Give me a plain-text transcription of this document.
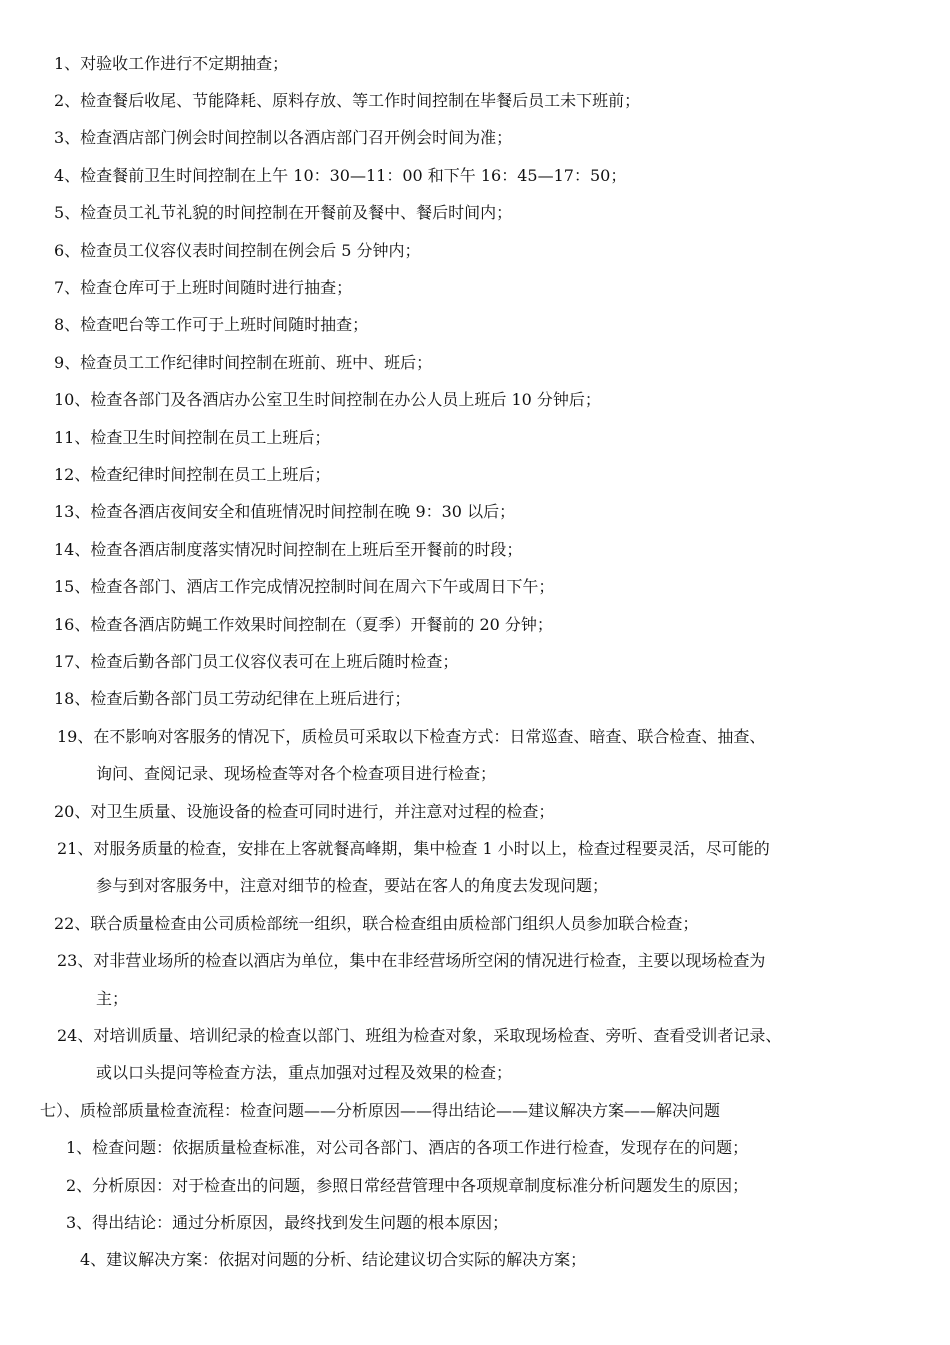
1、对验收工作进行不定期抽查；
2、检查餐后收尾、节能降耗、原料存放、等工作时间控制在毕餐后员工未下班前；
3、检查酒店部门例会时间控制以各酒店部门召开例会时间为准；
4、检查餐前卫生时间控制在上午 10：30—11：00 和下午 16：45—17：50；
5、检查员工礼节礼貌的时间控制在开餐前及餐中、餐后时间内；
6、检查员工仪容仪表时间控制在例会后 5 分钟内；
7、检查仓库可于上班时间随时进行抽查；
8、检查吧台等工作可于上班时间随时抽查；
9、检查员工工作纪律时间控制在班前、班中、班后；
10、检查各部门及各酒店办公室卫生时间控制在办公人员上班后 10 分钟后；
11、检查卫生时间控制在员工上班后；
12、检查纪律时间控制在员工上班后；
13、检查各酒店夜间安全和值班情况时间控制在晚 9：30 以后；
14、检查各酒店制度落实情况时间控制在上班后至开餐前的时段；
15、检查各部门、酒店工作完成情况控制时间在周六下午或周日下午；
16、检查各酒店防蝇工作效果时间控制在（夏季）开餐前的 20 分钟；
17、检查后勤各部门员工仪容仪表可在上班后随时检查；
18、检查后勤各部门员工劳动纪律在上班后进行；
19、在不影响对客服务的情况下，质检员可采取以下检查方式：日常巡查、暗查、联合检查、抽查、
询问、查阅记录、现场检查等对各个检查项目进行检查；
20、对卫生质量、设施设备的检查可同时进行，并注意对过程的检查；
21、对服务质量的检查，安排在上客就餐高峰期，集中检查 1 小时以上，检查过程要灵活，尽可能的
参与到对客服务中，注意对细节的检查，要站在客人的角度去发现问题；
22、联合质量检查由公司质检部统一组织，联合检查组由质检部门组织人员参加联合检查；
23、对非营业场所的检查以酒店为单位，集中在非经营场所空闲的情况进行检查，主要以现场检查为
主；
24、对培训质量、培训纪录的检查以部门、班组为检查对象，采取现场检查、旁听、查看受训者记录、
或以口头提问等检查方法，重点加强对过程及效果的检查；
七）、质检部质量检查流程：检查问题——分析原因——得出结论——建议解决方案——解决问题
1、检查问题：依据质量检查标准，对公司各部门、酒店的各项工作进行检查，发现存在的问题；
2、分析原因：对于检查出的问题，参照日常经营管理中各项规章制度标准分析问题发生的原因；
3、得出结论：通过分析原因，最终找到发生问题的根本原因；
4、建议解决方案：依据对问题的分析、结论建议切合实际的解决方案；
